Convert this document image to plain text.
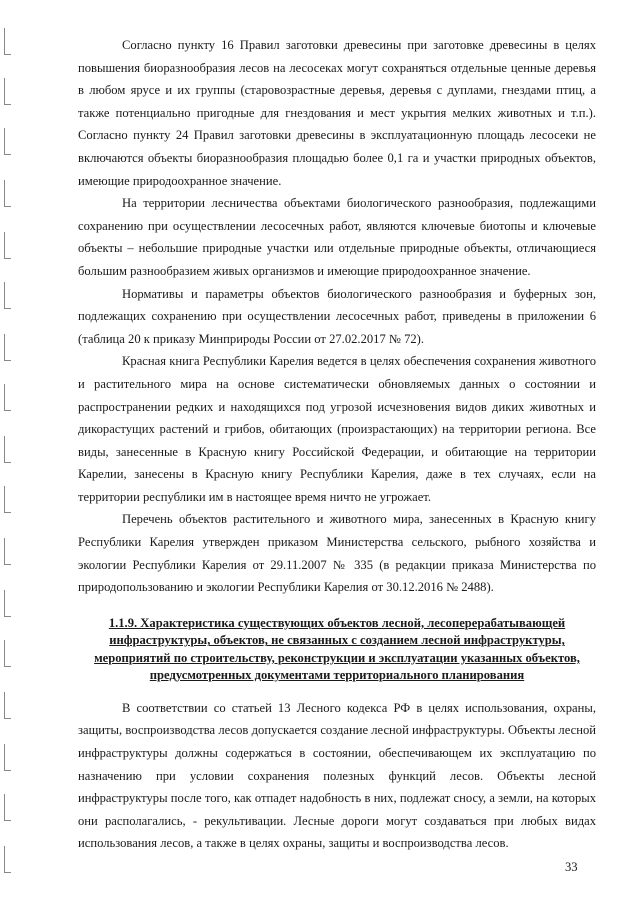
Согласно пункту 16 Правил заготовки древесины при заготовке древесины в целях повышения биоразнообразия лесов на лесосеках могут сохраняться отдельные ценные деревья в любом ярусе и их группы (старовозрастные деревья, деревья с дуплами, гнездами птиц, а также потенциально пригодные для гнездования и мест укрытия мелких животных и т.п.). Согласно пункту 24 Правил заготовки древесины в эксплуатационную площадь лесосеки не включаются объекты биоразнообразия площадью более 0,1 га и участки природных объектов, имеющие природоохранное значение.

На территории лесничества объектами биологического разнообразия, подлежащими сохранению при осуществлении лесосечных работ, являются ключевые биотопы и ключевые объекты – небольшие природные участки или отдельные природные объекты, отличающиеся большим разнообразием живых организмов и имеющие природоохранное значение.

Нормативы и параметры объектов биологического разнообразия и буферных зон, подлежащих сохранению при осуществлении лесосечных работ, приведены в приложении 6 (таблица 20 к приказу Минприроды России от 27.02.2017 № 72).

Красная книга Республики Карелия ведется в целях обеспечения сохранения животного и растительного мира на основе систематически обновляемых данных о состоянии и распространении редких и находящихся под угрозой исчезновения видов диких животных и дикорастущих растений и грибов, обитающих (произрастающих) на территории региона. Все виды, занесенные в Красную книгу Российской Федерации, и обитающие на территории Карелии, занесены в Красную книгу Республики Карелия, даже в тех случаях, если на территории республики им в настоящее время ничто не угрожает.

Перечень объектов растительного и животного мира, занесенных в Красную книгу Республики Карелия утвержден приказом Министерства сельского, рыбного хозяйства и экологии Республики Карелия от 29.11.2007 № 335 (в редакции приказа Министерства по природопользованию и экологии Республики Карелия от 30.12.2016 № 2488).

1.1.9. Характеристика существующих объектов лесной, лесоперерабатывающей инфраструктуры, объектов, не связанных с созданием лесной инфраструктуры, мероприятий по строительству, реконструкции и эксплуатации указанных объектов, предусмотренных документами территориального планирования

В соответствии со статьей 13 Лесного кодекса РФ в целях использования, охраны, защиты, воспроизводства лесов допускается создание лесной инфраструктуры. Объекты лесной инфраструктуры должны содержаться в состоянии, обеспечивающем их эксплуатацию по назначению при условии сохранения полезных функций лесов. Объекты лесной инфраструктуры после того, как отпадет надобность в них, подлежат сносу, а земли, на которых они располагались, - рекультивации. Лесные дороги могут создаваться при любых видах использования лесов, а также в целях охраны, защиты и воспроизводства лесов.

33
